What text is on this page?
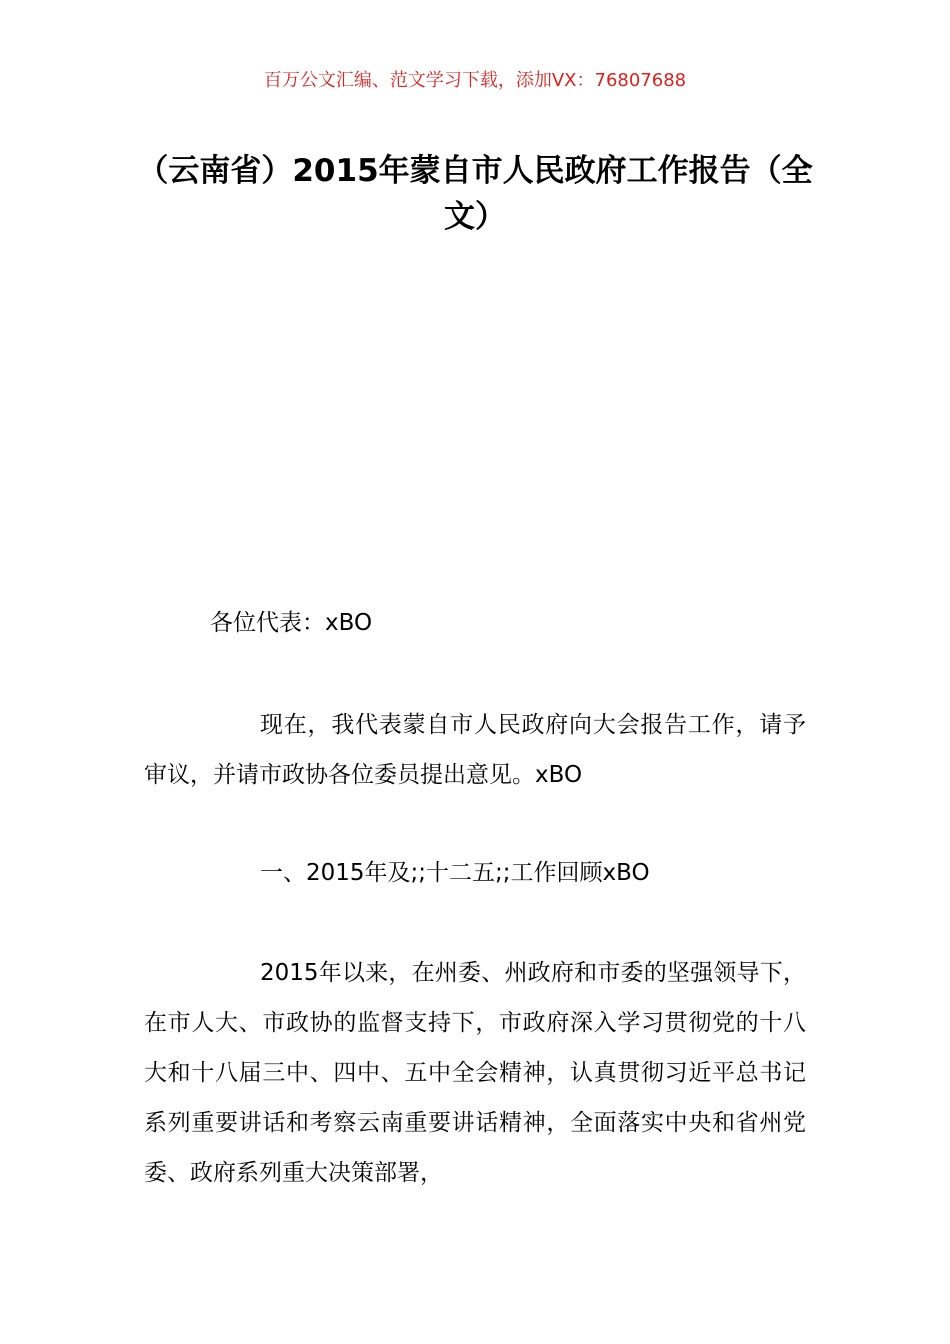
百万公文汇编、范文学习下载，添加VX：76807688
（云南省）2015年蒙自市人民政府工作报告（全文）

各位代表：xBO

现在，我代表蒙自市人民政府向大会报告工作，请予审议，并请市政协各位委员提出意见。xBO

一、2015年及;;十二五;;工作回顾xBO

2015年以来，在州委、州政府和市委的坚强领导下，在市人大、市政协的监督支持下，市政府深入学习贯彻党的十八大和十八届三中、四中、五中全会精神，认真贯彻习近平总书记系列重要讲话和考察云南重要讲话精神，全面落实中央和省州党委、政府系列重大决策部署，
